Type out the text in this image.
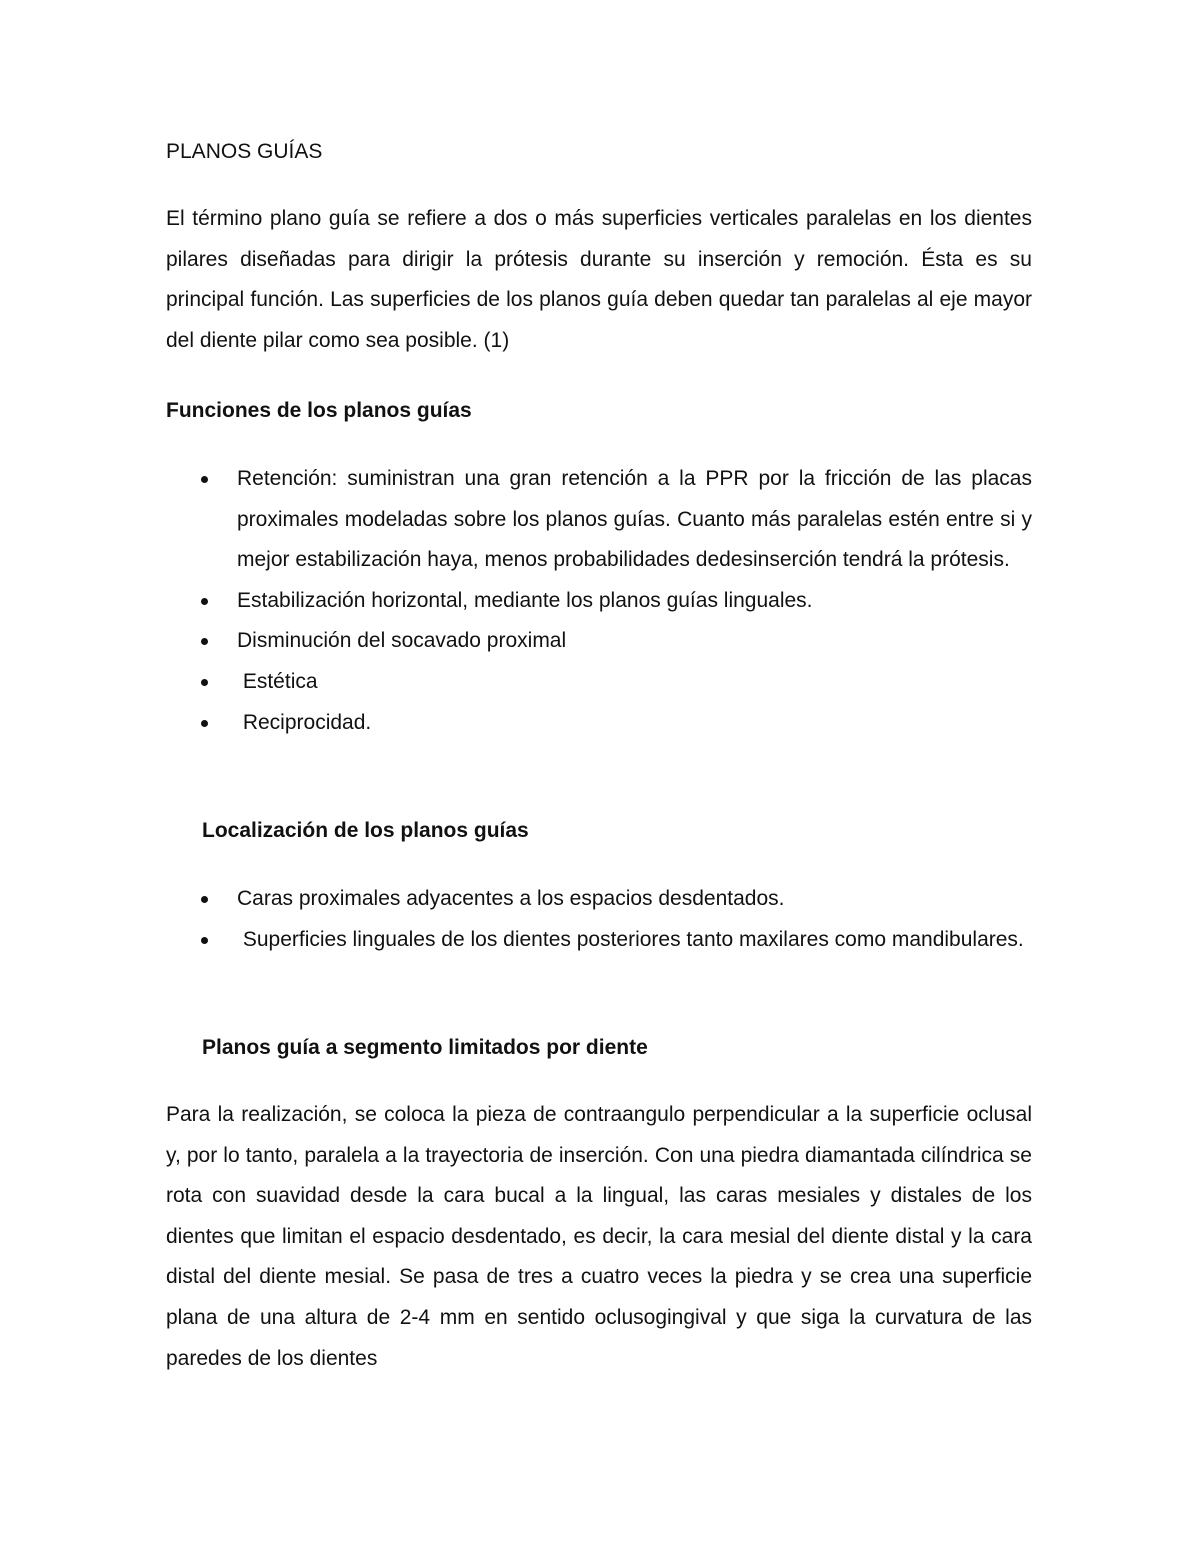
PLANOS GUÍAS

El término plano guía se refiere a dos o más superficies verticales paralelas en los dientes pilares diseñadas para dirigir la prótesis durante su inserción y remoción. Ésta es su principal función. Las superficies de los planos guía deben quedar tan paralelas al eje mayor del diente pilar como sea posible. (1)

Funciones de los planos guías

Retención: suministran una gran retención a la PPR por la fricción de las placas proximales modeladas sobre los planos guías. Cuanto más paralelas estén entre si y mejor estabilización haya, menos probabilidades dedesinserción tendrá la prótesis.
Estabilización horizontal, mediante los planos guías linguales.
Disminución del socavado proximal
Estética
Reciprocidad.

Localización de los planos guías

Caras proximales adyacentes a los espacios desdentados.
Superficies linguales de los dientes posteriores tanto maxilares como mandibulares.

Planos guía a segmento limitados por diente

Para la realización, se coloca la pieza de contraangulo perpendicular a la superficie oclusal y, por lo tanto, paralela a la trayectoria de inserción. Con una piedra diamantada cilíndrica se rota con suavidad desde la cara bucal a la lingual, las caras mesiales y distales de los dientes que limitan el espacio desdentado, es decir, la cara mesial del diente distal y la cara distal del diente mesial. Se pasa de tres a cuatro veces la piedra y se crea una superficie plana de una altura de 2-4 mm en sentido oclusogingival y que siga la curvatura de las paredes de los dientes
